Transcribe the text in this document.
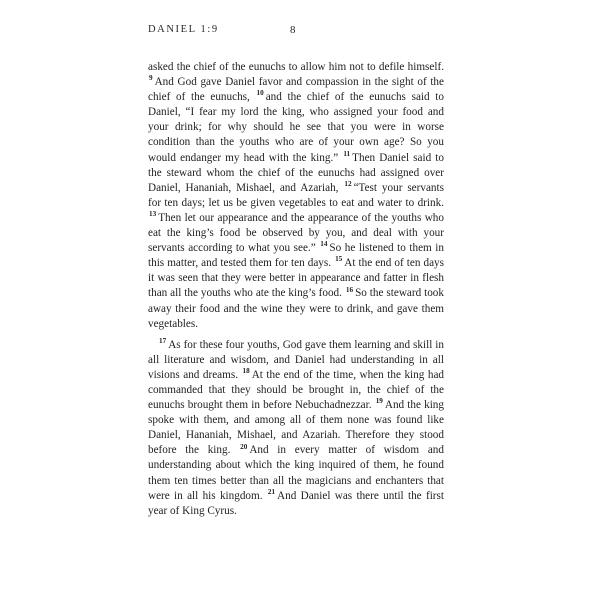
DANIEL 1:9	8

asked the chief of the eunuchs to allow him not to defile himself. $^9$ And God gave Daniel favor and compassion in the sight of the chief of the eunuchs, $^{10}$ and the chief of the eunuchs said to Daniel, “I fear my lord the king, who assigned your food and your drink; for why should he see that you were in worse condition than the youths who are of your own age? So you would endanger my head with the king.” $^{11}$ Then Daniel said to the steward whom the chief of the eunuchs had assigned over Daniel, Hananiah, Mishael, and Azariah, $^{12}$ “Test your servants for ten days; let us be given vegetables to eat and water to drink. $^{13}$ Then let our appearance and the appearance of the youths who eat the king’s food be observed by you, and deal with your servants according to what you see.” $^{14}$ So he listened to them in this matter, and tested them for ten days. $^{15}$ At the end of ten days it was seen that they were better in appearance and fatter in flesh than all the youths who ate the king’s food. $^{16}$ So the steward took away their food and the wine they were to drink, and gave them vegetables.

$^{17}$ As for these four youths, God gave them learning and skill in all literature and wisdom, and Daniel had understanding in all visions and dreams. $^{18}$ At the end of the time, when the king had commanded that they should be brought in, the chief of the eunuchs brought them in before Nebuchadnezzar. $^{19}$ And the king spoke with them, and among all of them none was found like Daniel, Hananiah, Mishael, and Azariah. Therefore they stood before the king. $^{20}$ And in every matter of wisdom and understanding about which the king inquired of them, he found them ten times better than all the magicians and enchanters that were in all his kingdom. $^{21}$ And Daniel was there until the first year of King Cyrus.
